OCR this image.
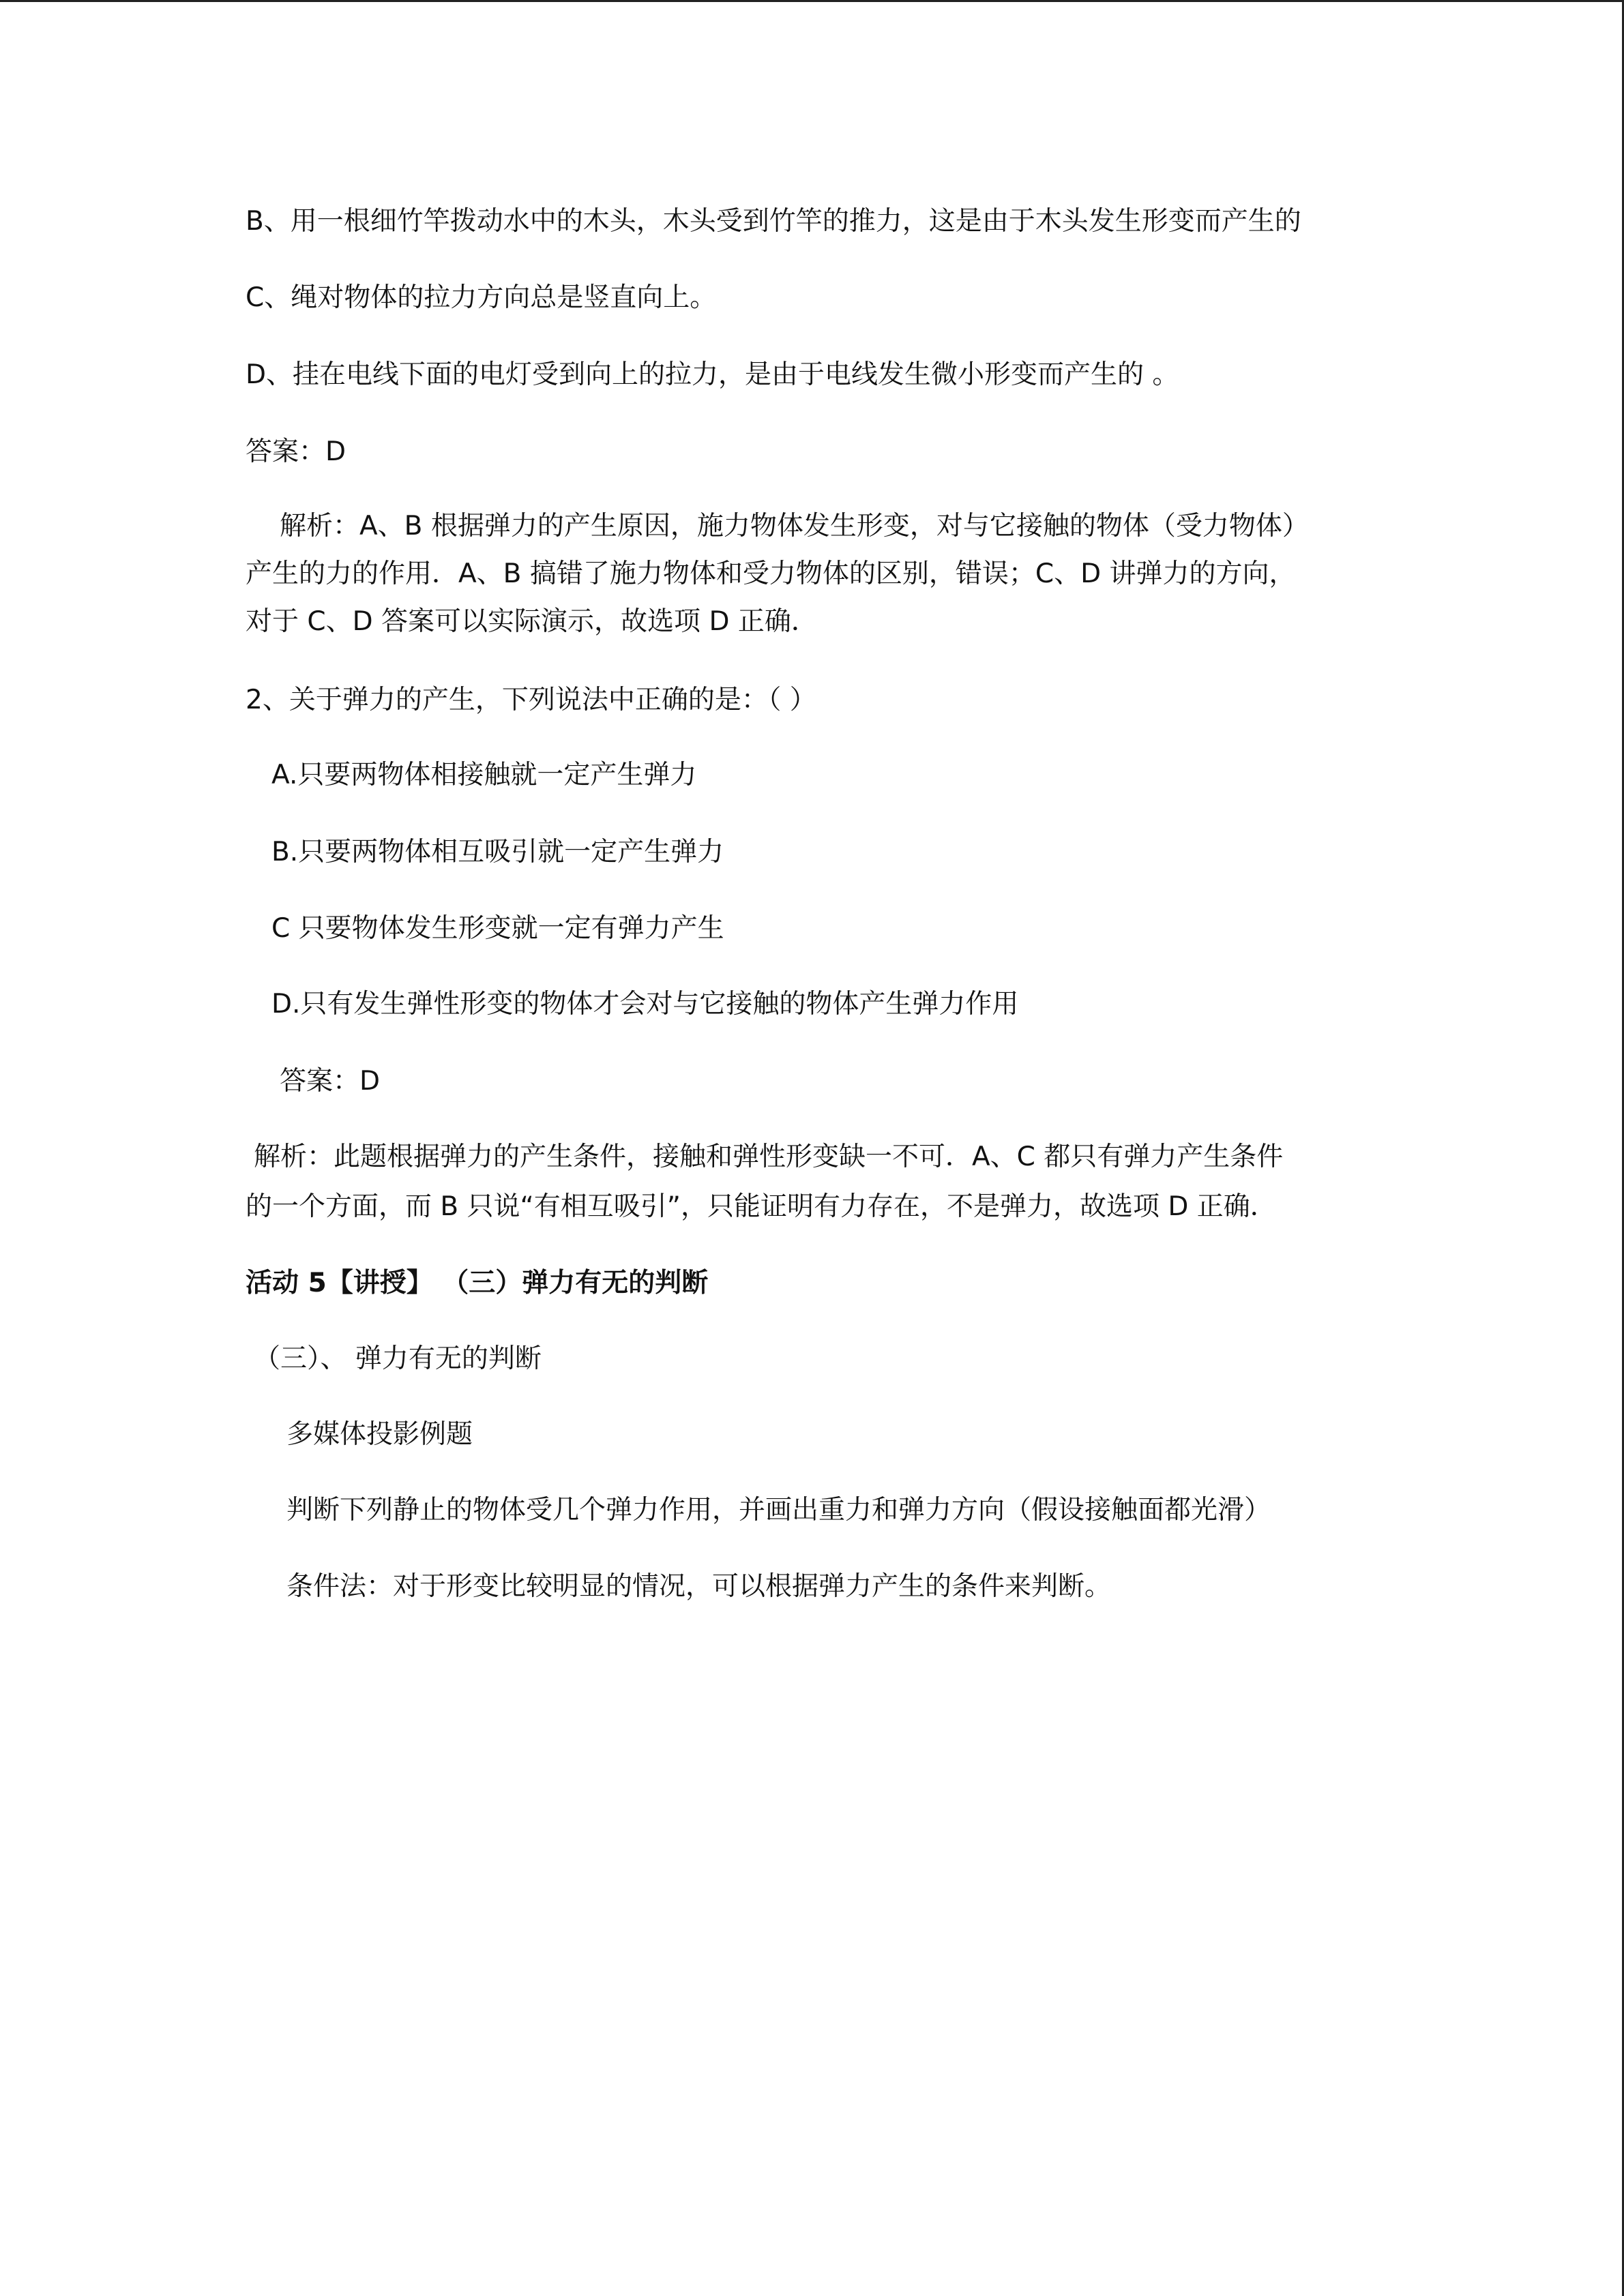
B、用一根细竹竿拨动水中的木头，木头受到竹竿的推力，这是由于木头发生形变而产生的
C、绳对物体的拉力方向总是竖直向上。
D、挂在电线下面的电灯受到向上的拉力，是由于电线发生微小形变而产生的 。
答案：D
解析：A、B 根据弹力的产生原因，施力物体发生形变，对与它接触的物体（受力物体）
产生的力的作用．A、B 搞错了施力物体和受力物体的区别，错误；C、D 讲弹力的方向，
对于 C、D 答案可以实际演示，故选项 D 正确．
2、关于弹力的产生，下列说法中正确的是：（ ）
A.只要两物体相接触就一定产生弹力
B.只要两物体相互吸引就一定产生弹力
C 只要物体发生形变就一定有弹力产生
D.只有发生弹性形变的物体才会对与它接触的物体产生弹力作用
答案：D
解析：此题根据弹力的产生条件，接触和弹性形变缺一不可．A、C 都只有弹力产生条件
的一个方面，而 B 只说“有相互吸引”，只能证明有力存在，不是弹力，故选项 D 正确．
活动 5【讲授】 （三）弹力有无的判断
（三）、 弹力有无的判断
多媒体投影例题
判断下列静止的物体受几个弹力作用，并画出重力和弹力方向（假设接触面都光滑）
条件法：对于形变比较明显的情况，可以根据弹力产生的条件来判断。
